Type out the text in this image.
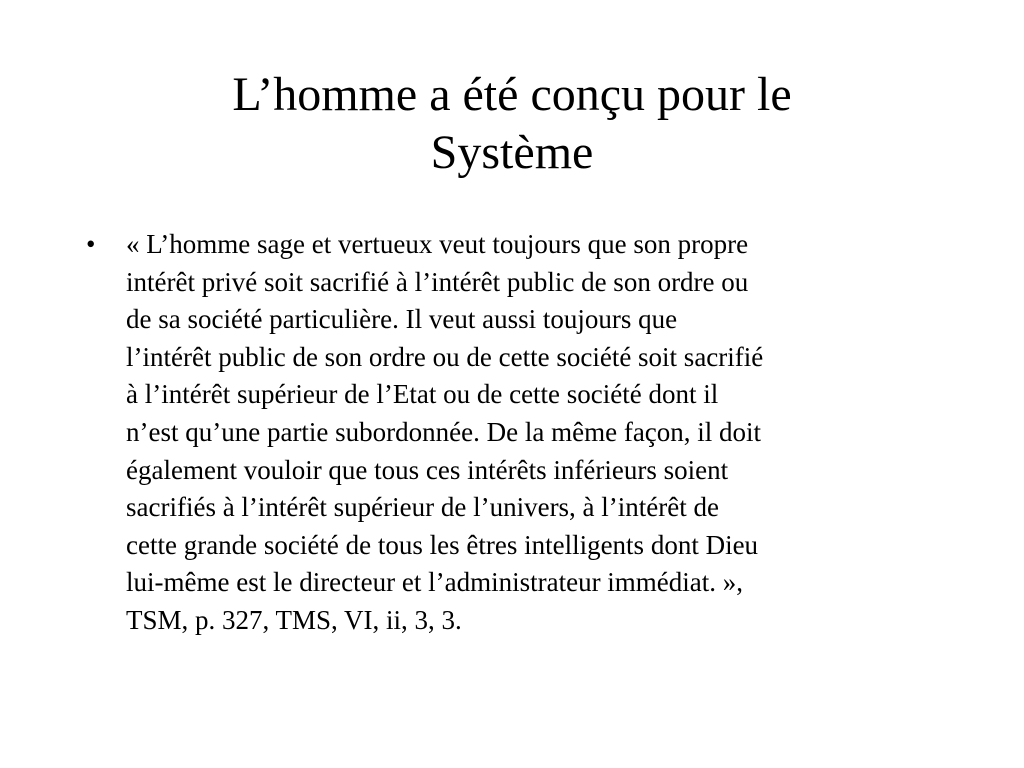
L’homme a été conçu pour le
Système
• « L’homme sage et vertueux veut toujours que son propre
intérêt privé soit sacrifié à l’intérêt public de son ordre ou
de sa société particulière. Il veut aussi toujours que
l’intérêt public de son ordre ou de cette société soit sacrifié
à l’intérêt supérieur de l’Etat ou de cette société dont il
n’est qu’une partie subordonnée. De la même façon, il doit
également vouloir que tous ces intérêts inférieurs soient
sacrifiés à l’intérêt supérieur de l’univers, à l’intérêt de
cette grande société de tous les êtres intelligents dont Dieu
lui-même est le directeur et l’administrateur immédiat. »,
TSM, p. 327, TMS, VI, ii, 3, 3.
